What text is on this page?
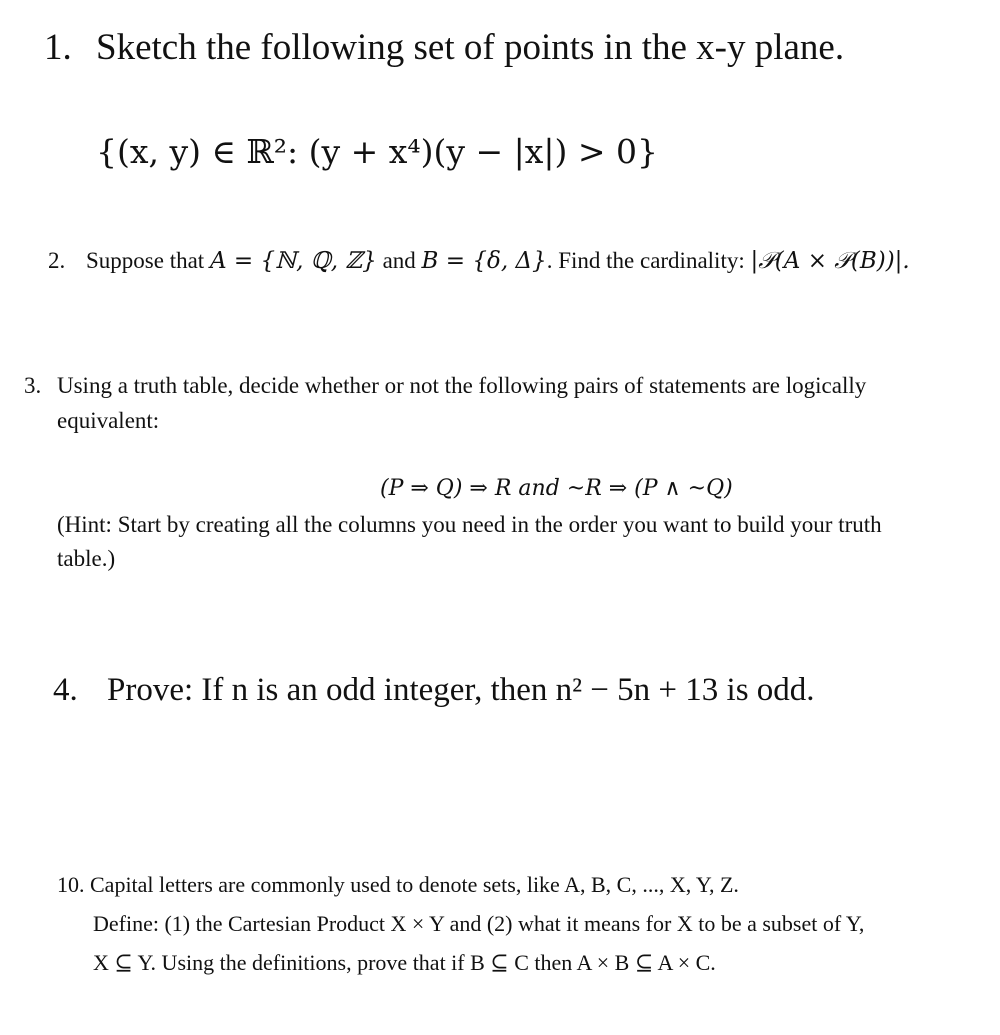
1. Sketch the following set of points in the x-y plane.
{(x, y) ∈ ℝ²: (y + x⁴)(y − |x|) > 0}
2. Suppose that A = {ℕ, ℚ, ℤ} and B = {δ, Δ}. Find the cardinality: |𝒫(A × 𝒫(B))|.
3. Using a truth table, decide whether or not the following pairs of statements are logically
equivalent:
(P ⇒ Q) ⇒ R and ~R ⇒ (P ∧ ~Q)
(Hint: Start by creating all the columns you need in the order you want to build your truth
table.)
4. Prove: If n is an odd integer, then n² − 5n + 13 is odd.
10. Capital letters are commonly used to denote sets, like A, B, C, ..., X, Y, Z.
Define: (1) the Cartesian Product X × Y and (2) what it means for X to be a subset of Y,
X ⊆ Y. Using the definitions, prove that if B ⊆ C then A × B ⊆ A × C.
